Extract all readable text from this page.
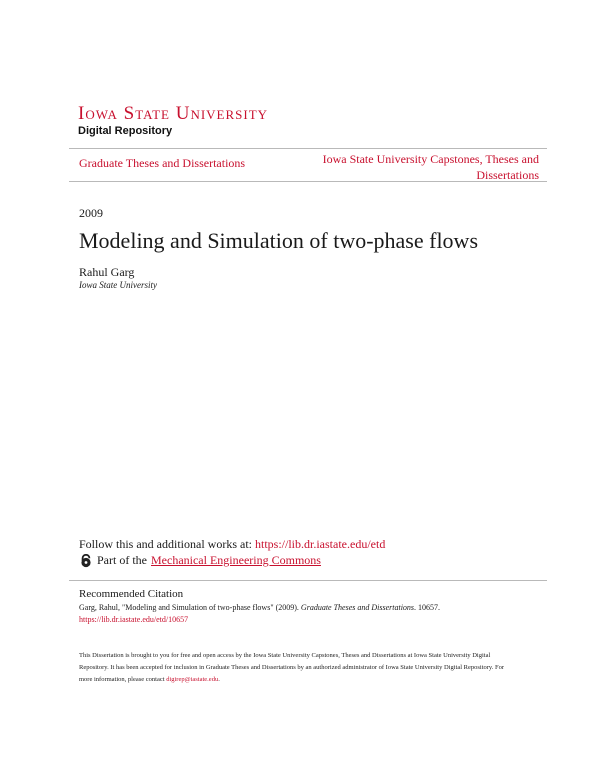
Iowa State University
Digital Repository
Graduate Theses and Dissertations	Iowa State University Capstones, Theses and Dissertations
2009
Modeling and Simulation of two-phase flows
Rahul Garg
Iowa State University
Follow this and additional works at: https://lib.dr.iastate.edu/etd
Part of the Mechanical Engineering Commons
Recommended Citation
Garg, Rahul, "Modeling and Simulation of two-phase flows" (2009). Graduate Theses and Dissertations. 10657.
https://lib.dr.iastate.edu/etd/10657
This Dissertation is brought to you for free and open access by the Iowa State University Capstones, Theses and Dissertations at Iowa State University Digital Repository. It has been accepted for inclusion in Graduate Theses and Dissertations by an authorized administrator of Iowa State University Digital Repository. For more information, please contact digirep@iastate.edu.
